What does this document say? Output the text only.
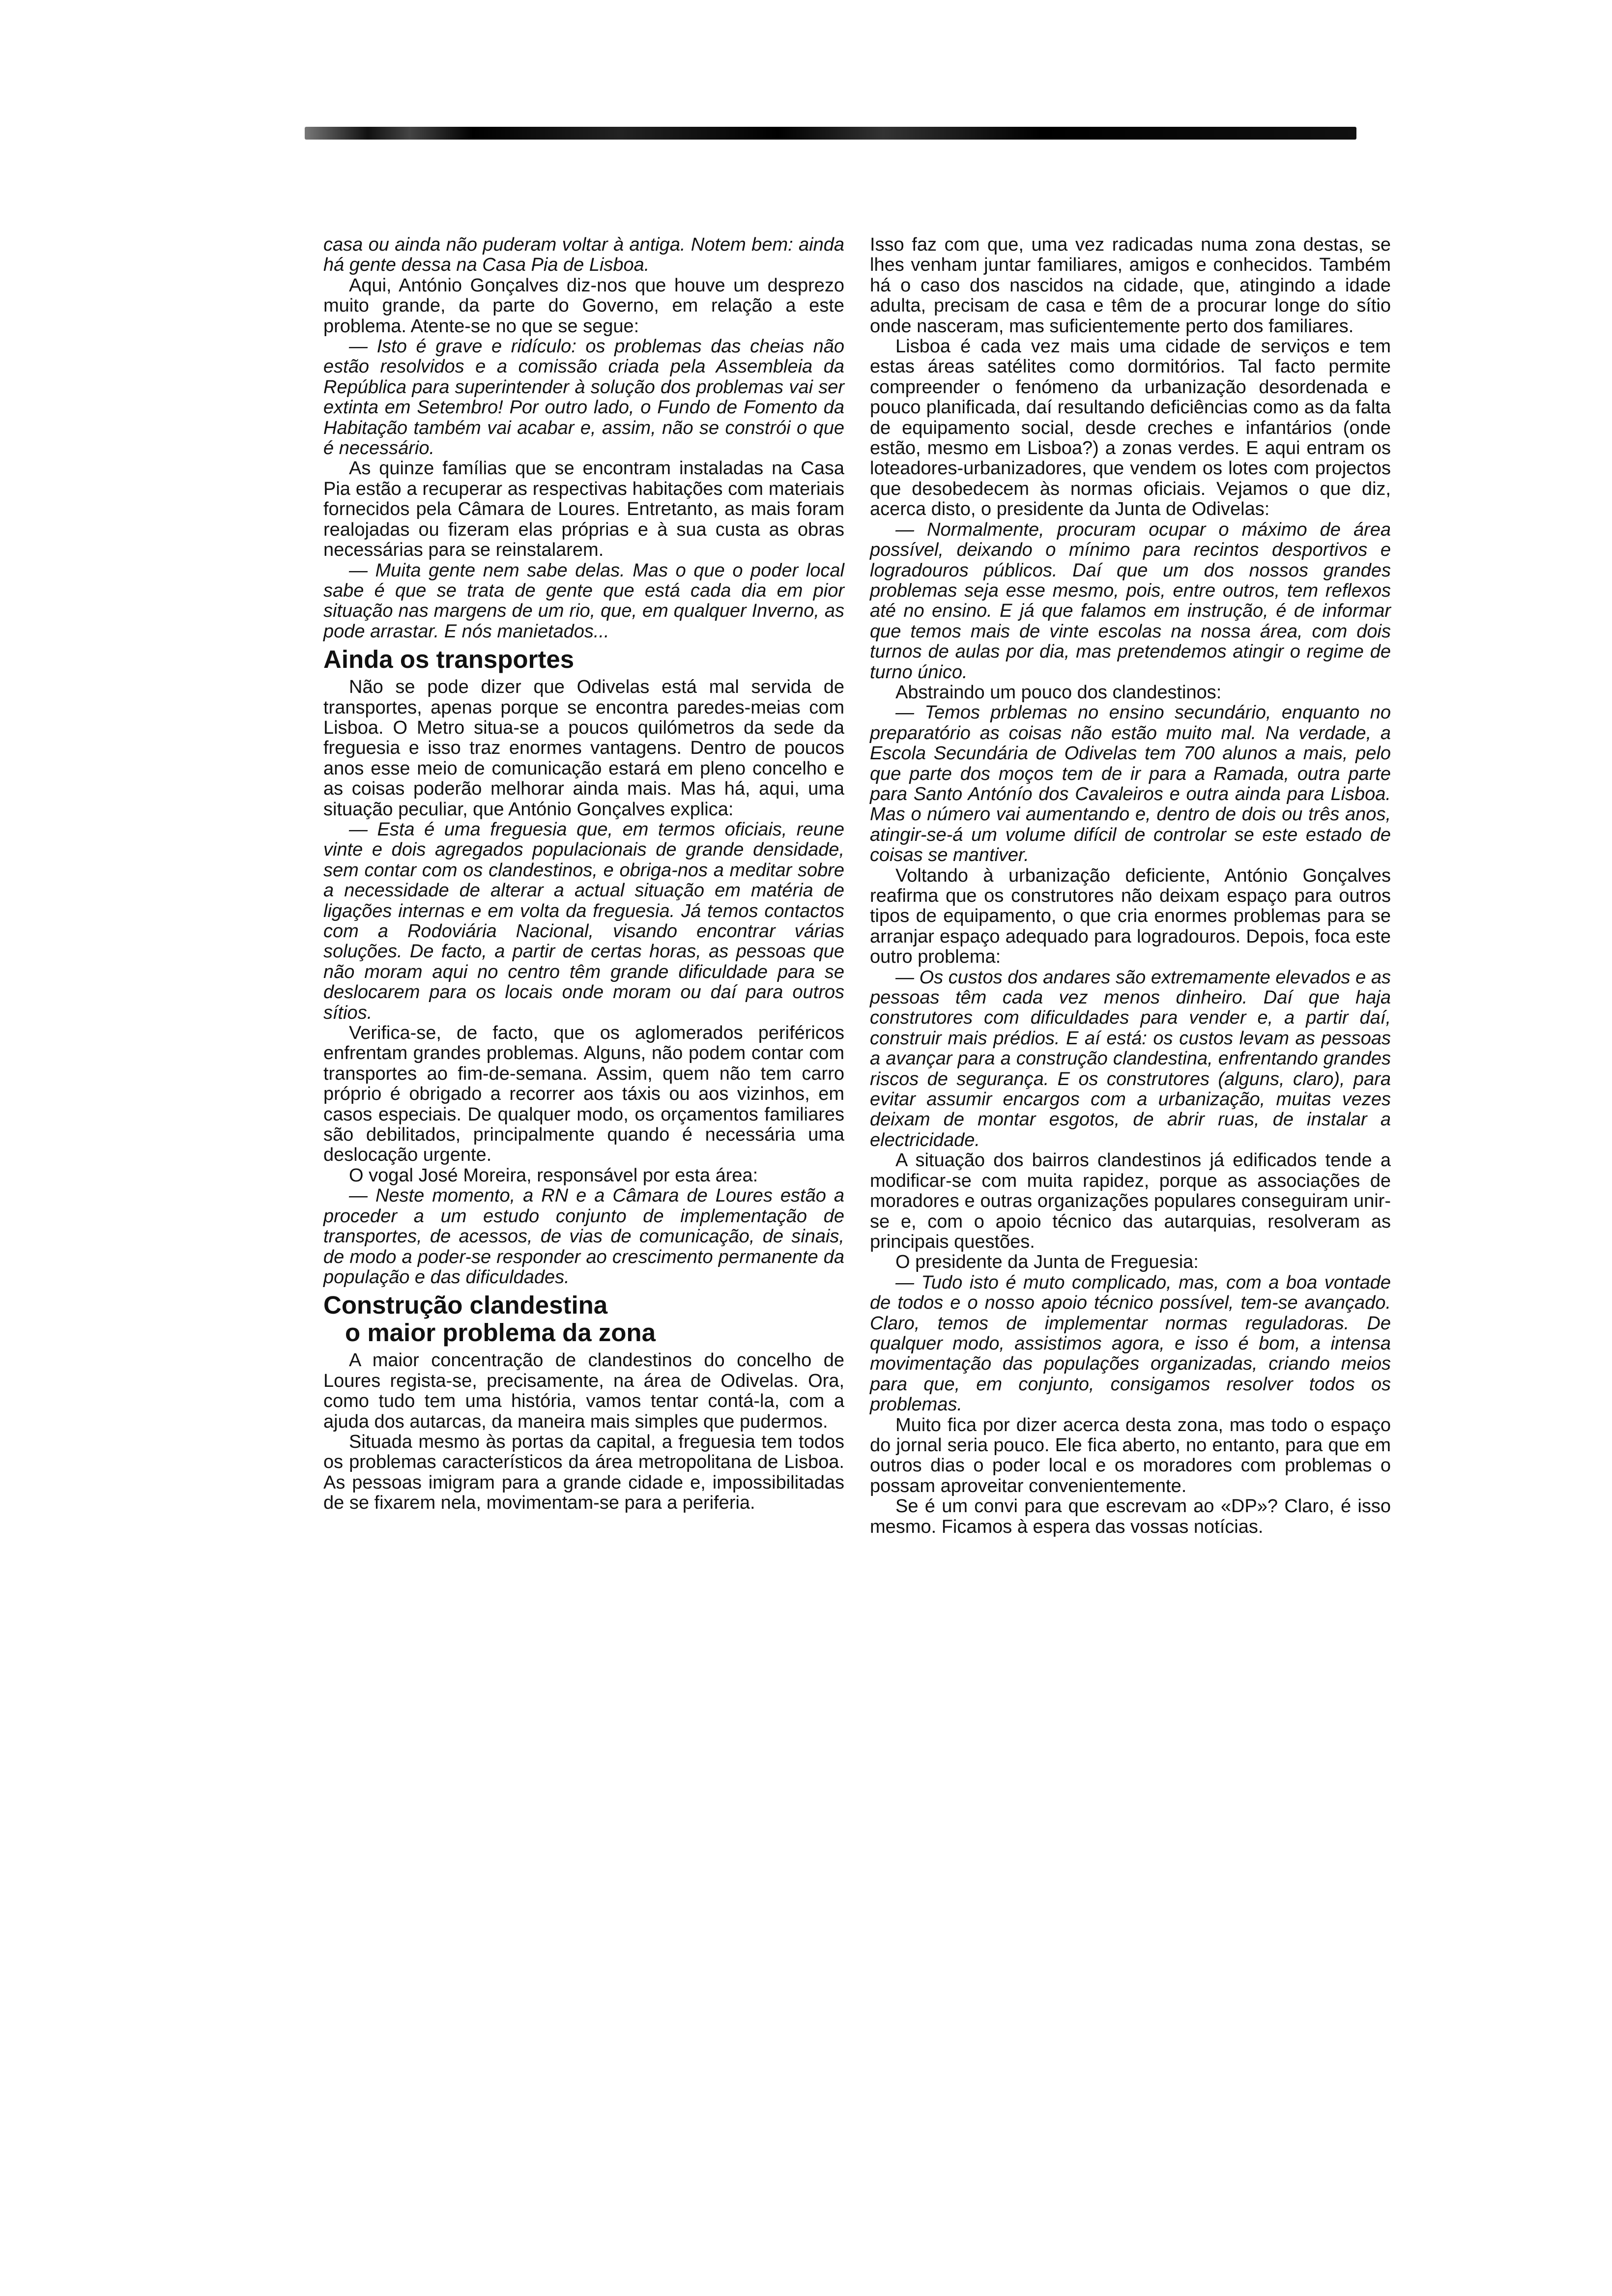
casa ou ainda não puderam voltar à antiga. Notem bem: ainda há gente dessa na Casa Pia de Lisboa.

Aqui, António Gonçalves diz-nos que houve um desprezo muito grande, da parte do Governo, em relação a este problema. Atente-se no que se segue:

— Isto é grave e ridículo: os problemas das cheias não estão resolvidos e a comissão criada pela Assembleia da República para superintender à solução dos problemas vai ser extinta em Setembro! Por outro lado, o Fundo de Fomento da Habitação também vai acabar e, assim, não se constrói o que é necessário.

As quinze famílias que se encontram instaladas na Casa Pia estão a recuperar as respectivas habitações com materiais fornecidos pela Câmara de Loures. Entretanto, as mais foram realojadas ou fizeram elas próprias e à sua custa as obras necessárias para se reinstalarem.

— Muita gente nem sabe delas. Mas o que o poder local sabe é que se trata de gente que está cada dia em pior situação nas margens de um rio, que, em qualquer Inverno, as pode arrastar. E nós manietados...

Ainda os transportes

Não se pode dizer que Odivelas está mal servida de transportes, apenas porque se encontra paredes-meias com Lisboa. O Metro situa-se a poucos quilómetros da sede da freguesia e isso traz enormes vantagens. Dentro de poucos anos esse meio de comunicação estará em pleno concelho e as coisas poderão melhorar ainda mais. Mas há, aqui, uma situação peculiar, que António Gonçalves explica:

— Esta é uma freguesia que, em termos oficiais, reune vinte e dois agregados populacionais de grande densidade, sem contar com os clandestinos, e obriga-nos a meditar sobre a necessidade de alterar a actual situação em matéria de ligações internas e em volta da freguesia. Já temos contactos com a Rodoviária Nacional, visando encontrar várias soluções. De facto, a partir de certas horas, as pessoas que não moram aqui no centro têm grande dificuldade para se deslocarem para os locais onde moram ou daí para outros sítios.

Verifica-se, de facto, que os aglomerados periféricos enfrentam grandes problemas. Alguns, não podem contar com transportes ao fim-de-semana. Assim, quem não tem carro próprio é obrigado a recorrer aos táxis ou aos vizinhos, em casos especiais. De qualquer modo, os orçamentos familiares são debilitados, principalmente quando é necessária uma deslocação urgente.

O vogal José Moreira, responsável por esta área:

— Neste momento, a RN e a Câmara de Loures estão a proceder a um estudo conjunto de implementação de transportes, de acessos, de vias de comunicação, de sinais, de modo a poder-se responder ao crescimento permanente da população e das dificuldades.

Construção clandestina
o maior problema da zona

A maior concentração de clandestinos do concelho de Loures regista-se, precisamente, na área de Odivelas. Ora, como tudo tem uma história, vamos tentar contá-la, com a ajuda dos autarcas, da maneira mais simples que pudermos.

Situada mesmo às portas da capital, a freguesia tem todos os problemas característicos da área metropolitana de Lisboa. As pessoas imigram para a grande cidade e, impossibilitadas de se fixarem nela, movimentam-se para a periferia.

Isso faz com que, uma vez radicadas numa zona destas, se lhes venham juntar familiares, amigos e conhecidos. Também há o caso dos nascidos na cidade, que, atingindo a idade adulta, precisam de casa e têm de a procurar longe do sítio onde nasceram, mas suficientemente perto dos familiares.

Lisboa é cada vez mais uma cidade de serviços e tem estas áreas satélites como dormitórios. Tal facto permite compreender o fenómeno da urbanização desordenada e pouco planificada, daí resultando deficiências como as da falta de equipamento social, desde creches e infantários (onde estão, mesmo em Lisboa?) a zonas verdes. E aqui entram os loteadores-urbanizadores, que vendem os lotes com projectos que desobedecem às normas oficiais. Vejamos o que diz, acerca disto, o presidente da Junta de Odivelas:

— Normalmente, procuram ocupar o máximo de área possível, deixando o mínimo para recintos desportivos e logradouros públicos. Daí que um dos nossos grandes problemas seja esse mesmo, pois, entre outros, tem reflexos até no ensino. E já que falamos em instrução, é de informar que temos mais de vinte escolas na nossa área, com dois turnos de aulas por dia, mas pretendemos atingir o regime de turno único.

Abstraindo um pouco dos clandestinos:

— Temos prblemas no ensino secundário, enquanto no preparatório as coisas não estão muito mal. Na verdade, a Escola Secundária de Odivelas tem 700 alunos a mais, pelo que parte dos moços tem de ir para a Ramada, outra parte para Santo Antónío dos Cavaleiros e outra ainda para Lisboa. Mas o número vai aumentando e, dentro de dois ou três anos, atingir-se-á um volume difícil de controlar se este estado de coisas se mantiver.

Voltando à urbanização deficiente, António Gonçalves reafirma que os construtores não deixam espaço para outros tipos de equipamento, o que cria enormes problemas para se arranjar espaço adequado para logradouros. Depois, foca este outro problema:

— Os custos dos andares são extremamente elevados e as pessoas têm cada vez menos dinheiro. Daí que haja construtores com dificuldades para vender e, a partir daí, construir mais prédios. E aí está: os custos levam as pessoas a avançar para a construção clandestina, enfrentando grandes riscos de segurança. E os construtores (alguns, claro), para evitar assumir encargos com a urbanização, muitas vezes deixam de montar esgotos, de abrir ruas, de instalar a electricidade.

A situação dos bairros clandestinos já edificados tende a modificar-se com muita rapidez, porque as associações de moradores e outras organizações populares conseguiram unir-se e, com o apoio técnico das autarquias, resolveram as principais questões.

O presidente da Junta de Freguesia:

— Tudo isto é muto complicado, mas, com a boa vontade de todos e o nosso apoio técnico possível, tem-se avançado. Claro, temos de implementar normas reguladoras. De qualquer modo, assistimos agora, e isso é bom, a intensa movimentação das populações organizadas, criando meios para que, em conjunto, consigamos resolver todos os problemas.

Muito fica por dizer acerca desta zona, mas todo o espaço do jornal seria pouco. Ele fica aberto, no entanto, para que em outros dias o poder local e os moradores com problemas o possam aproveitar convenientemente.

Se é um convi para que escrevam ao «DP»? Claro, é isso mesmo. Ficamos à espera das vossas notícias.
